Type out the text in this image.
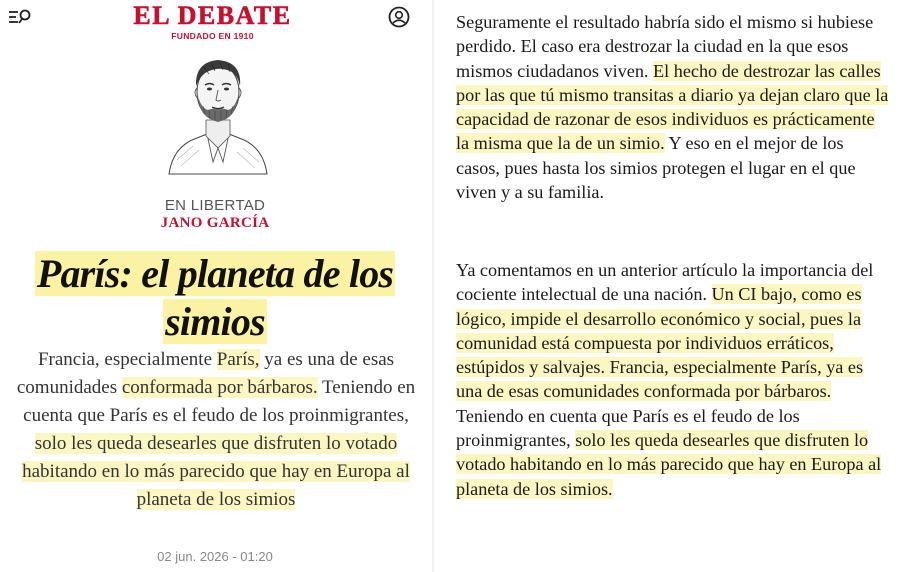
EL DEBATE
FUNDADO EN 1910
EN LIBERTAD
JANO GARCÍA
París: el planeta de los simios
Francia, especialmente París, ya es una de esas comunidades conformada por bárbaros. Teniendo en cuenta que París es el feudo de los proinmigrantes, solo les queda desearles que disfruten lo votado habitando en lo más parecido que hay en Europa al planeta de los simios
02 jun. 2026 - 01:20
Seguramente el resultado habría sido el mismo si hubiese perdido. El caso era destrozar la ciudad en la que esos mismos ciudadanos viven. El hecho de destrozar las calles por las que tú mismo transitas a diario ya dejan claro que la capacidad de razonar de esos individuos es prácticamente la misma que la de un simio. Y eso en el mejor de los casos, pues hasta los simios protegen el lugar en el que viven y a su familia.
Ya comentamos en un anterior artículo la importancia del cociente intelectual de una nación. Un CI bajo, como es lógico, impide el desarrollo económico y social, pues la comunidad está compuesta por individuos erráticos, estúpidos y salvajes. Francia, especialmente París, ya es una de esas comunidades conformada por bárbaros. Teniendo en cuenta que París es el feudo de los proinmigrantes, solo les queda desearles que disfruten lo votado habitando en lo más parecido que hay en Europa al planeta de los simios.
